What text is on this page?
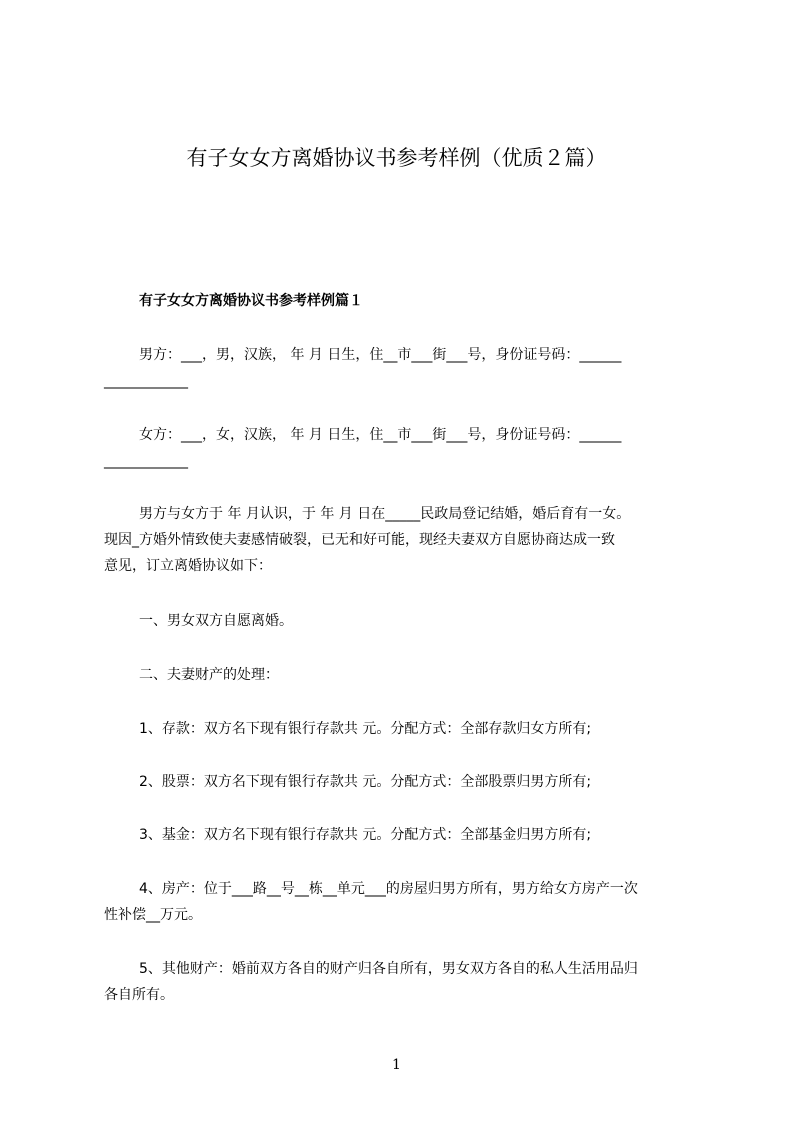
有子女女方离婚协议书参考样例（优质２篇）
有子女女方离婚协议书参考样例篇１
男方：___，男，汉族， 年 月 日生，住__市___街___号，身份证号码：______
____________
女方：___，女，汉族， 年 月 日生，住__市___街___号，身份证号码：______
____________
男方与女方于 年 月认识，于 年 月 日在_____民政局登记结婚，婚后育有一女。
现因_方婚外情致使夫妻感情破裂，已无和好可能，现经夫妻双方自愿协商达成一致
意见，订立离婚协议如下：
一、男女双方自愿离婚。
二、夫妻财产的处理：
1、存款：双方名下现有银行存款共 元。分配方式：全部存款归女方所有;
2、股票：双方名下现有银行存款共 元。分配方式：全部股票归男方所有;
3、基金：双方名下现有银行存款共 元。分配方式：全部基金归男方所有;
4、房产：位于___路__号__栋__单元___的房屋归男方所有，男方给女方房产一次
性补偿__万元。
5、其他财产：婚前双方各自的财产归各自所有，男女双方各自的私人生活用品归
各自所有。
1
